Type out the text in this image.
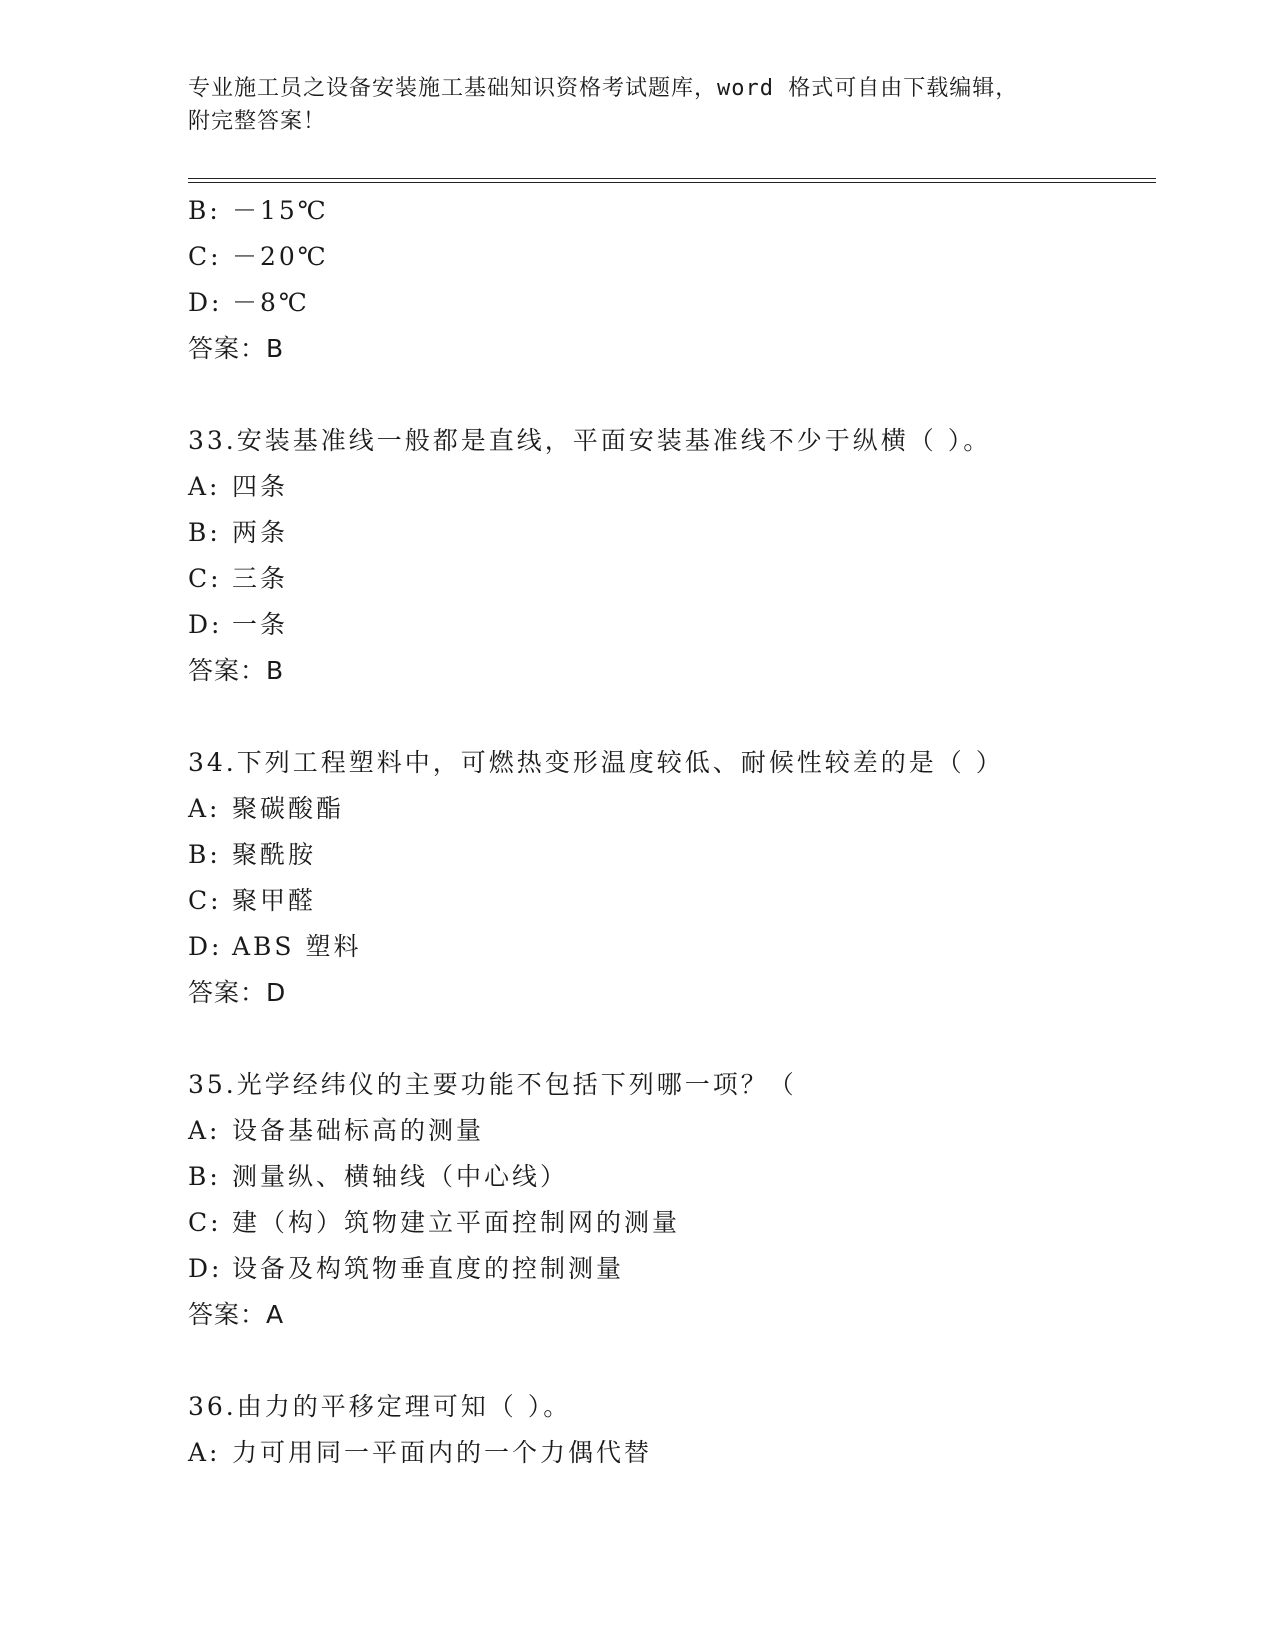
专业施工员之设备安装施工基础知识资格考试题库，word 格式可自由下载编辑，
附完整答案！
B: －15℃
C: －20℃
D: －8℃
答案：B
33.安装基准线一般都是直线，平面安装基准线不少于纵横（ ）。
A: 四条
B: 两条
C: 三条
D: 一条
答案：B
34.下列工程塑料中，可燃热变形温度较低、耐候性较差的是（ ）
A: 聚碳酸酯
B: 聚酰胺
C: 聚甲醛
D: ABS 塑料
答案：D
35.光学经纬仪的主要功能不包括下列哪一项？（
A: 设备基础标高的测量
B: 测量纵、横轴线（中心线）
C: 建（构）筑物建立平面控制网的测量
D: 设备及构筑物垂直度的控制测量
答案：A
36.由力的平移定理可知（ ）。
A: 力可用同一平面内的一个力偶代替
